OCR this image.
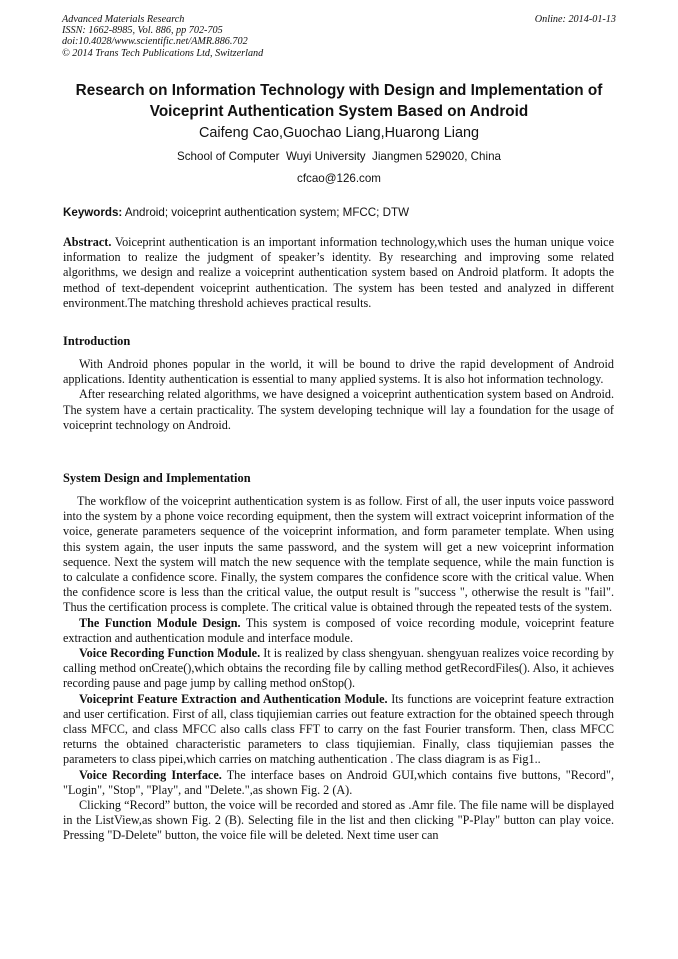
Advanced Materials Research
ISSN: 1662-8985, Vol. 886, pp 702-705
doi:10.4028/www.scientific.net/AMR.886.702
© 2014 Trans Tech Publications Ltd, Switzerland
Online: 2014-01-13
Research on Information Technology with Design and Implementation of
Voiceprint Authentication System Based on Android
Caifeng Cao,Guochao Liang,Huarong Liang
School of Computer  Wuyi University  Jiangmen 529020, China
cfcao@126.com
Keywords: Android; voiceprint authentication system; MFCC; DTW

Abstract. Voiceprint authentication is an important information technology,which uses the human unique voice information to realize the judgment of speaker’s identity. By researching and improving some related algorithms, we design and realize a voiceprint authentication system based on Android platform. It adopts the method of text-dependent voiceprint authentication. The system has been tested and analyzed in different environment.The matching threshold achieves practical results.

Introduction

With Android phones popular in the world, it will be bound to drive the rapid development of Android applications. Identity authentication is essential to many applied systems. It is also hot information technology.

After researching related algorithms, we have designed a voiceprint authentication system based on Android. The system have a certain practicality. The system developing technique will lay a foundation for the usage of voiceprint technology on Android.

System Design and Implementation

The workflow of the voiceprint authentication system is as follow. First of all, the user inputs voice password into the system by a phone voice recording equipment, then the system will extract voiceprint information of the voice, generate parameters sequence of the voiceprint information, and form parameter template. When using this system again, the user inputs the same password, and the system will get a new voiceprint information sequence. Next the system will match the new sequence with the template sequence, while the main function is to calculate a confidence score. Finally, the system compares the confidence score with the critical value. When the confidence score is less than the critical value, the output result is "success ", otherwise the result is "fail". Thus the certification process is complete. The critical value is obtained through the repeated tests of the system.

The Function Module Design. This system is composed of voice recording module, voiceprint feature extraction and authentication module and interface module.

Voice Recording Function Module. It is realized by class shengyuan. shengyuan realizes voice recording by calling method onCreate(),which obtains the recording file by calling method getRecordFiles(). Also, it achieves recording pause and page jump by calling method onStop().

Voiceprint Feature Extraction and Authentication Module. Its functions are voiceprint feature extraction and user certification. First of all, class tiqujiemian carries out feature extraction for the obtained speech through class MFCC, and class MFCC also calls class FFT to carry on the fast Fourier transform. Then, class MFCC returns the obtained characteristic parameters to class tiqujiemian. Finally, class tiqujiemian passes the parameters to class pipei,which carries on matching authentication . The class diagram is as Fig1..

Voice Recording Interface. The interface bases on Android GUI,which contains five buttons, "Record", "Login", "Stop", "Play", and "Delete.",as shown Fig. 2 (A).

Clicking “Record” button, the voice will be recorded and stored as .Amr file. The file name will be displayed in the ListView,as shown Fig. 2 (B). Selecting file in the list and then clicking "P-Play" button can play voice. Pressing "D-Delete" button, the voice file will be deleted. Next time user can
